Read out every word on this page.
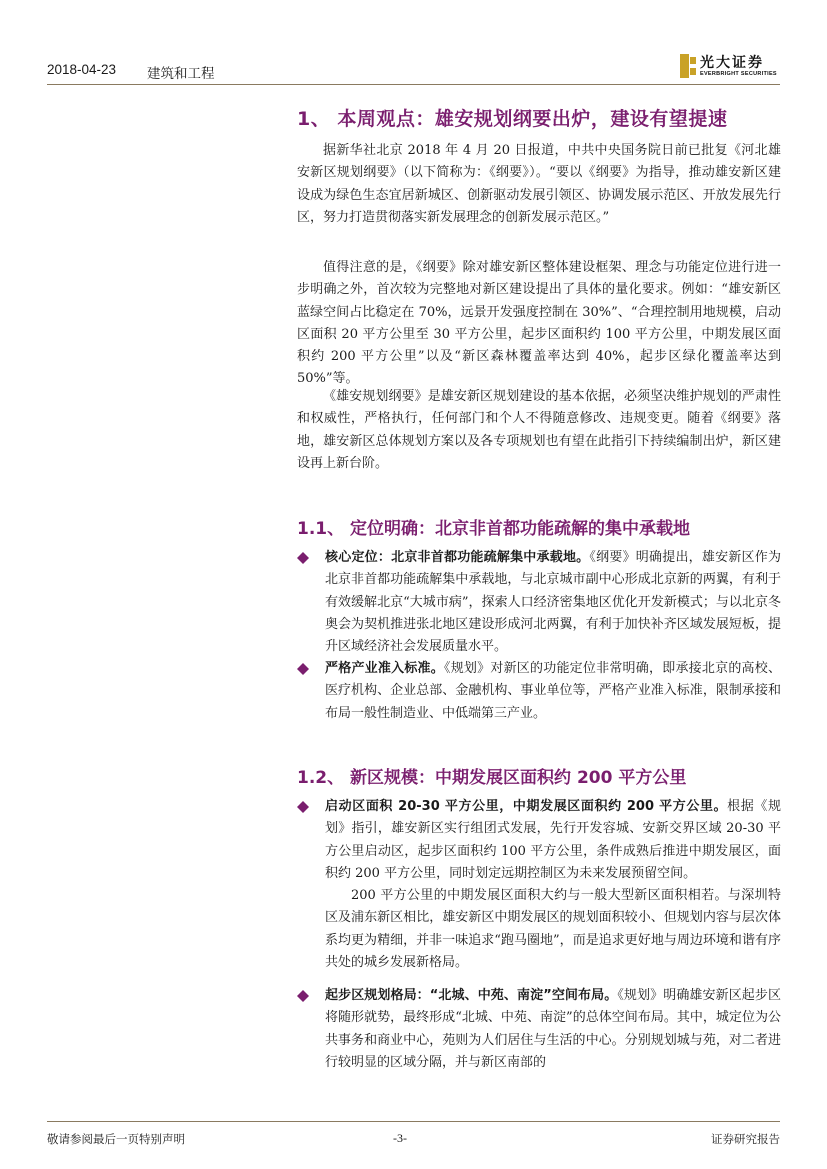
2018-04-23 建筑和工程
光大证券
EVERBRIGHT SECURITIES
1、 本周观点：雄安规划纲要出炉，建设有望提速
据新华社北京 2018 年 4 月 20 日报道，中共中央国务院日前已批复《河北雄安新区规划纲要》（以下简称为：《纲要》）。“要以《纲要》为指导，推动雄安新区建设成为绿色生态宜居新城区、创新驱动发展引领区、协调发展示范区、开放发展先行区，努力打造贯彻落实新发展理念的创新发展示范区。”
值得注意的是，《纲要》除对雄安新区整体建设框架、理念与功能定位进行进一步明确之外，首次较为完整地对新区建设提出了具体的量化要求。例如：“雄安新区蓝绿空间占比稳定在 70%，远景开发强度控制在 30%”、“合理控制用地规模，启动区面积 20 平方公里至 30 平方公里，起步区面积约 100 平方公里，中期发展区面积约 200 平方公里”以及“新区森林覆盖率达到 40%，起步区绿化覆盖率达到 50%”等。
《雄安规划纲要》是雄安新区规划建设的基本依据，必须坚决维护规划的严肃性和权威性，严格执行，任何部门和个人不得随意修改、违规变更。随着《纲要》落地，雄安新区总体规划方案以及各专项规划也有望在此指引下持续编制出炉，新区建设再上新台阶。
1.1、 定位明确：北京非首都功能疏解的集中承载地
核心定位：北京非首都功能疏解集中承载地。《纲要》明确提出，雄安新区作为北京非首都功能疏解集中承载地，与北京城市副中心形成北京新的两翼，有利于有效缓解北京“大城市病”，探索人口经济密集地区优化开发新模式；与以北京冬奥会为契机推进张北地区建设形成河北两翼，有利于加快补齐区域发展短板，提升区域经济社会发展质量水平。
严格产业准入标准。《规划》对新区的功能定位非常明确，即承接北京的高校、医疗机构、企业总部、金融机构、事业单位等，严格产业准入标准，限制承接和布局一般性制造业、中低端第三产业。
1.2、 新区规模：中期发展区面积约 200 平方公里
启动区面积 20-30 平方公里，中期发展区面积约 200 平方公里。根据《规划》指引，雄安新区实行组团式发展，先行开发容城、安新交界区域 20-30 平方公里启动区，起步区面积约 100 平方公里，条件成熟后推进中期发展区，面积约 200 平方公里，同时划定远期控制区为未来发展预留空间。
200 平方公里的中期发展区面积大约与一般大型新区面积相若。与深圳特区及浦东新区相比，雄安新区中期发展区的规划面积较小、但规划内容与层次体系均更为精细，并非一味追求“跑马圈地”，而是追求更好地与周边环境和谐有序共处的城乡发展新格局。
起步区规划格局：“北城、中苑、南淀”空间布局。《规划》明确雄安新区起步区将随形就势，最终形成“北城、中苑、南淀”的总体空间布局。其中，城定位为公共事务和商业中心，苑则为人们居住与生活的中心。分别规划城与苑，对二者进行较明显的区域分隔，并与新区南部的
敬请参阅最后一页特别声明	-3-	证券研究报告
